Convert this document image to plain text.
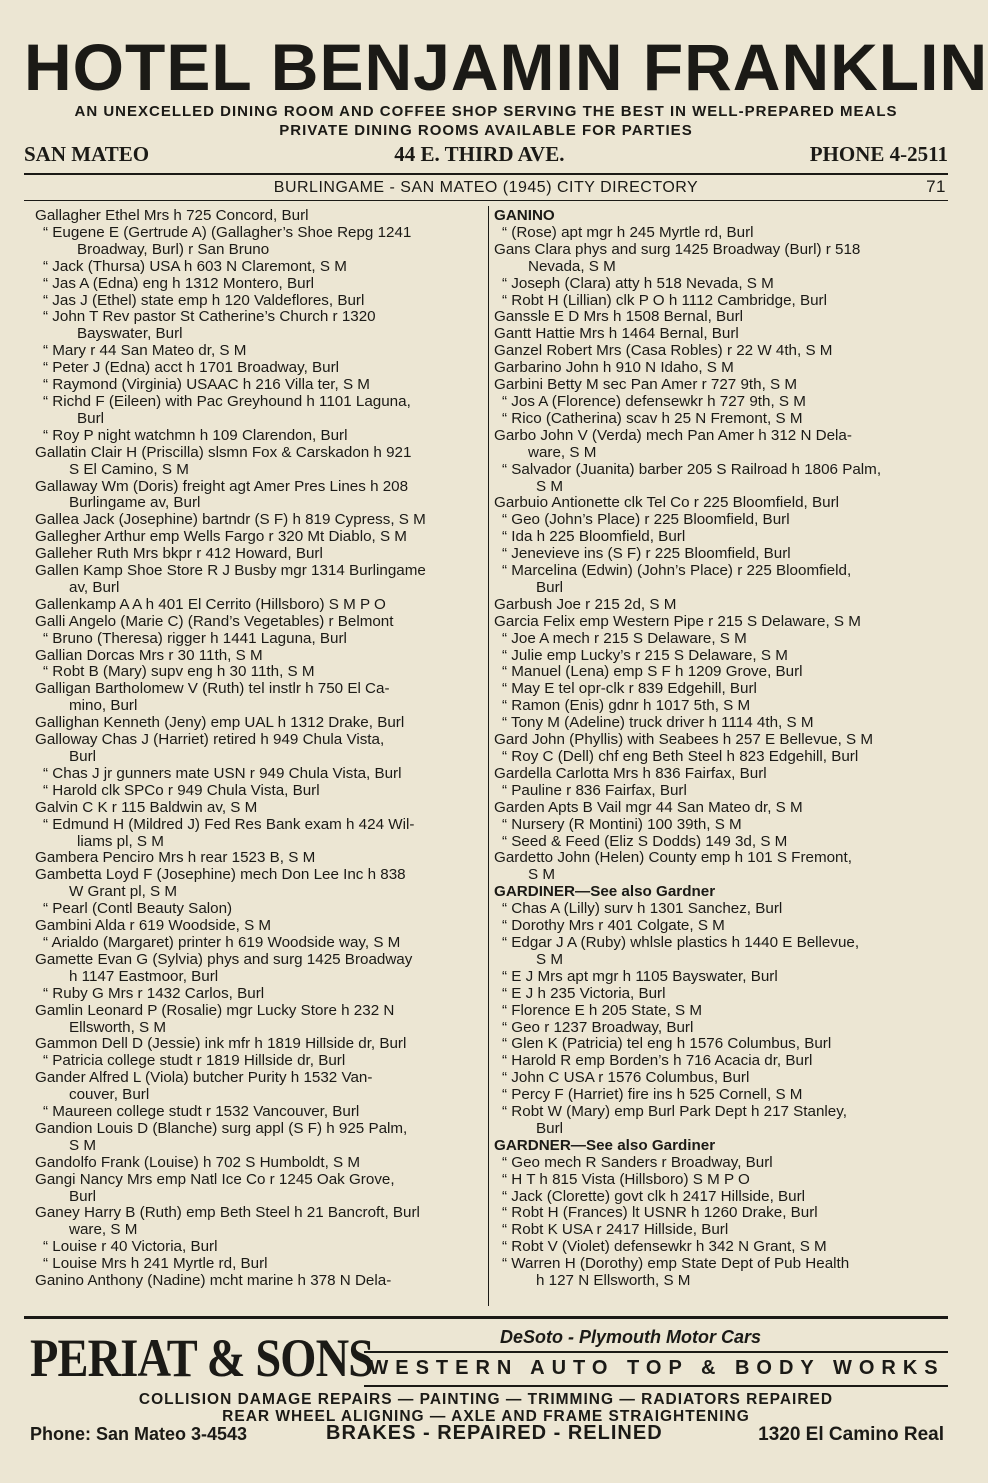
HOTEL BENJAMIN FRANKLIN
AN UNEXCELLED DINING ROOM AND COFFEE SHOP SERVING THE BEST IN WELL-PREPARED MEALS
PRIVATE DINING ROOMS AVAILABLE FOR PARTIES
SAN MATEO	44 E. THIRD AVE.	PHONE 4-2511
BURLINGAME - SAN MATEO (1945) CITY DIRECTORY	71
Gallagher Ethel Mrs h 725 Concord, Burl
“ Eugene E (Gertrude A) (Gallagher’s Shoe Repg 1241
Broadway, Burl) r San Bruno
“ Jack (Thursa) USA h 603 N Claremont, S M
“ Jas A (Edna) eng h 1312 Montero, Burl
“ Jas J (Ethel) state emp h 120 Valdeflores, Burl
“ John T Rev pastor St Catherine’s Church r 1320
Bayswater, Burl
“ Mary r 44 San Mateo dr, S M
“ Peter J (Edna) acct h 1701 Broadway, Burl
“ Raymond (Virginia) USAAC h 216 Villa ter, S M
“ Richd F (Eileen) with Pac Greyhound h 1101 Laguna,
Burl
“ Roy P night watchmn h 109 Clarendon, Burl
Gallatin Clair H (Priscilla) slsmn Fox & Carskadon h 921
S El Camino, S M
Gallaway Wm (Doris) freight agt Amer Pres Lines h 208
Burlingame av, Burl
Gallea Jack (Josephine) bartndr (S F) h 819 Cypress, S M
Gallegher Arthur emp Wells Fargo r 320 Mt Diablo, S M
Galleher Ruth Mrs bkpr r 412 Howard, Burl
Gallen Kamp Shoe Store R J Busby mgr 1314 Burlingame
av, Burl
Gallenkamp A A h 401 El Cerrito (Hillsboro) S M P O
Galli Angelo (Marie C) (Rand’s Vegetables) r Belmont
“ Bruno (Theresa) rigger h 1441 Laguna, Burl
Gallian Dorcas Mrs r 30 11th, S M
“ Robt B (Mary) supv eng h 30 11th, S M
Galligan Bartholomew V (Ruth) tel instlr h 750 El Ca-
mino, Burl
Gallighan Kenneth (Jeny) emp UAL h 1312 Drake, Burl
Galloway Chas J (Harriet) retired h 949 Chula Vista,
Burl
“ Chas J jr gunners mate USN r 949 Chula Vista, Burl
“ Harold clk SPCo r 949 Chula Vista, Burl
Galvin C K r 115 Baldwin av, S M
“ Edmund H (Mildred J) Fed Res Bank exam h 424 Wil-
liams pl, S M
Gambera Penciro Mrs h rear 1523 B, S M
Gambetta Loyd F (Josephine) mech Don Lee Inc h 838
W Grant pl, S M
“ Pearl (Contl Beauty Salon)
Gambini Alda r 619 Woodside, S M
“ Arialdo (Margaret) printer h 619 Woodside way, S M
Gamette Evan G (Sylvia) phys and surg 1425 Broadway
h 1147 Eastmoor, Burl
“ Ruby G Mrs r 1432 Carlos, Burl
Gamlin Leonard P (Rosalie) mgr Lucky Store h 232 N
Ellsworth, S M
Gammon Dell D (Jessie) ink mfr h 1819 Hillside dr, Burl
“ Patricia college studt r 1819 Hillside dr, Burl
Gander Alfred L (Viola) butcher Purity h 1532 Van-
couver, Burl
“ Maureen college studt r 1532 Vancouver, Burl
Gandion Louis D (Blanche) surg appl (S F) h 925 Palm,
S M
Gandolfo Frank (Louise) h 702 S Humboldt, S M
Gangi Nancy Mrs emp Natl Ice Co r 1245 Oak Grove,
Burl
Ganey Harry B (Ruth) emp Beth Steel h 21 Bancroft, Burl
ware, S M
“ Louise r 40 Victoria, Burl
“ Louise Mrs h 241 Myrtle rd, Burl
Ganino Anthony (Nadine) mcht marine h 378 N Dela-
GANINO
“ (Rose) apt mgr h 245 Myrtle rd, Burl
Gans Clara phys and surg 1425 Broadway (Burl) r 518
Nevada, S M
“ Joseph (Clara) atty h 518 Nevada, S M
“ Robt H (Lillian) clk P O h 1112 Cambridge, Burl
Ganssle E D Mrs h 1508 Bernal, Burl
Gantt Hattie Mrs h 1464 Bernal, Burl
Ganzel Robert Mrs (Casa Robles) r 22 W 4th, S M
Garbarino John h 910 N Idaho, S M
Garbini Betty M sec Pan Amer r 727 9th, S M
“ Jos A (Florence) defensewkr h 727 9th, S M
“ Rico (Catherina) scav h 25 N Fremont, S M
Garbo John V (Verda) mech Pan Amer h 312 N Dela-
ware, S M
“ Salvador (Juanita) barber 205 S Railroad h 1806 Palm,
S M
Garbuio Antionette clk Tel Co r 225 Bloomfield, Burl
“ Geo (John’s Place) r 225 Bloomfield, Burl
“ Ida h 225 Bloomfield, Burl
“ Jenevieve ins (S F) r 225 Bloomfield, Burl
“ Marcelina (Edwin) (John’s Place) r 225 Bloomfield,
Burl
Garbush Joe r 215 2d, S M
Garcia Felix emp Western Pipe r 215 S Delaware, S M
“ Joe A mech r 215 S Delaware, S M
“ Julie emp Lucky’s r 215 S Delaware, S M
“ Manuel (Lena) emp S F h 1209 Grove, Burl
“ May E tel opr-clk r 839 Edgehill, Burl
“ Ramon (Enis) gdnr h 1017 5th, S M
“ Tony M (Adeline) truck driver h 1114 4th, S M
Gard John (Phyllis) with Seabees h 257 E Bellevue, S M
“ Roy C (Dell) chf eng Beth Steel h 823 Edgehill, Burl
Gardella Carlotta Mrs h 836 Fairfax, Burl
“ Pauline r 836 Fairfax, Burl
Garden Apts B Vail mgr 44 San Mateo dr, S M
“ Nursery (R Montini) 100 39th, S M
“ Seed & Feed (Eliz S Dodds) 149 3d, S M
Gardetto John (Helen) County emp h 101 S Fremont,
S M
GARDINER—See also Gardner
“ Chas A (Lilly) surv h 1301 Sanchez, Burl
“ Dorothy Mrs r 401 Colgate, S M
“ Edgar J A (Ruby) whlsle plastics h 1440 E Bellevue,
S M
“ E J Mrs apt mgr h 1105 Bayswater, Burl
“ E J h 235 Victoria, Burl
“ Florence E h 205 State, S M
“ Geo r 1237 Broadway, Burl
“ Glen K (Patricia) tel eng h 1576 Columbus, Burl
“ Harold R emp Borden’s h 716 Acacia dr, Burl
“ John C USA r 1576 Columbus, Burl
“ Percy F (Harriet) fire ins h 525 Cornell, S M
“ Robt W (Mary) emp Burl Park Dept h 217 Stanley,
Burl
GARDNER—See also Gardiner
“ Geo mech R Sanders r Broadway, Burl
“ H T h 815 Vista (Hillsboro) S M P O
“ Jack (Clorette) govt clk h 2417 Hillside, Burl
“ Robt H (Frances) lt USNR h 1260 Drake, Burl
“ Robt K USA r 2417 Hillside, Burl
“ Robt V (Violet) defensewkr h 342 N Grant, S M
“ Warren H (Dorothy) emp State Dept of Pub Health
h 127 N Ellsworth, S M
PERIAT & SONS	DeSoto - Plymouth Motor Cars
WESTERN AUTO TOP & BODY WORKS
COLLISION DAMAGE REPAIRS — PAINTING — TRIMMING — RADIATORS REPAIRED
REAR WHEEL ALIGNING — AXLE AND FRAME STRAIGHTENING
Phone: San Mateo 3-4543	BRAKES - REPAIRED - RELINED	1320 El Camino Real
